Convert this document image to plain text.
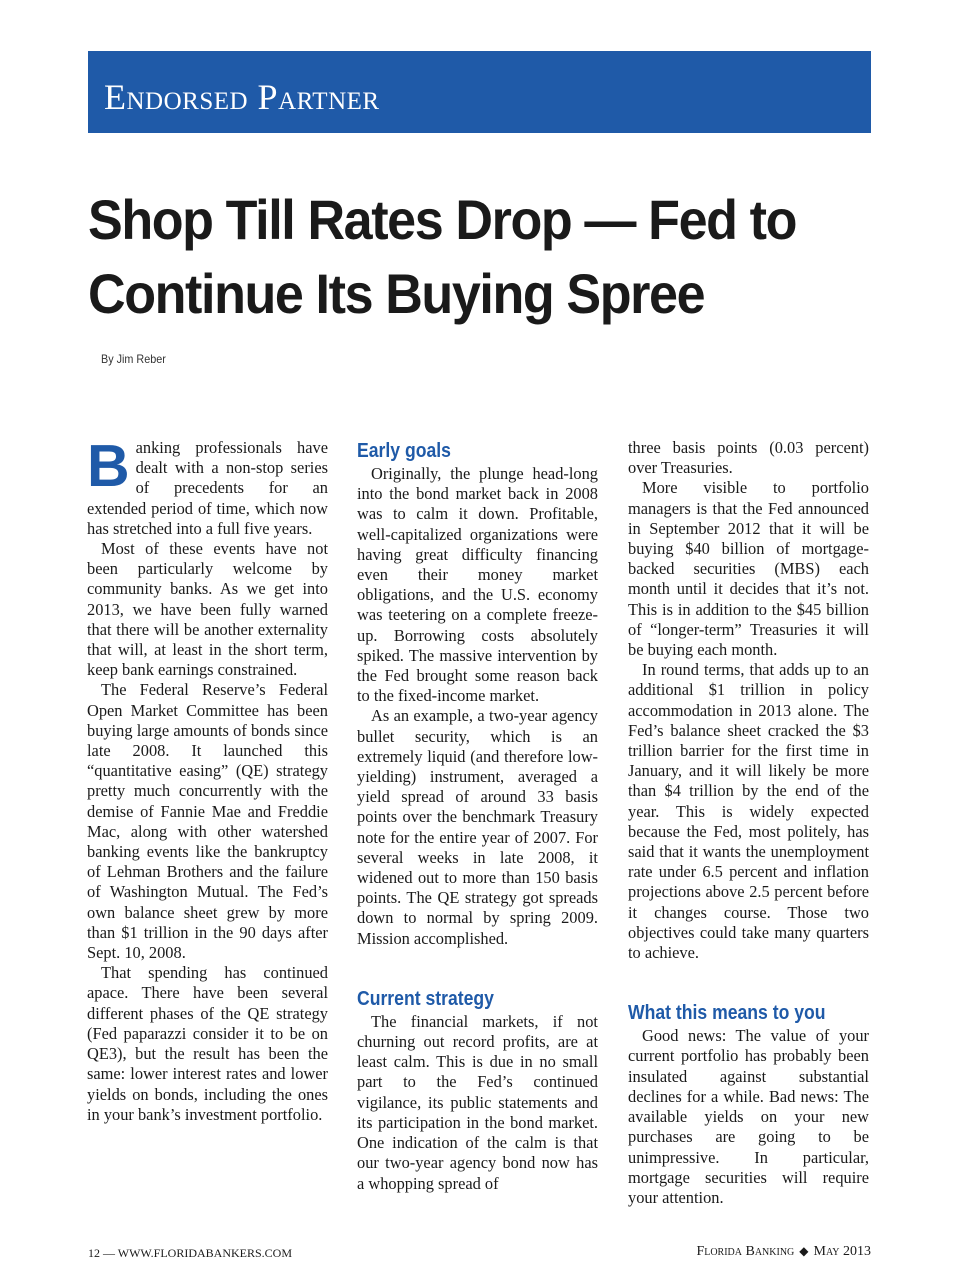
Endorsed Partner
Shop Till Rates Drop — Fed to Continue Its Buying Spree
By Jim Reber

Banking professionals have dealt with a non-stop series of precedents for an extended period of time, which now has stretched into a full five years.

Most of these events have not been particularly welcome by community banks. As we get into 2013, we have been fully warned that there will be another externality that will, at least in the short term, keep bank earnings constrained.

The Federal Reserve’s Federal Open Market Committee has been buying large amounts of bonds since late 2008. It launched this “quantitative easing” (QE) strategy pretty much concurrently with the demise of Fannie Mae and Freddie Mac, along with other watershed banking events like the bankruptcy of Lehman Brothers and the failure of Washington Mutual. The Fed’s own balance sheet grew by more than $1 trillion in the 90 days after Sept. 10, 2008.

That spending has continued apace. There have been several different phases of the QE strategy (Fed paparazzi consider it to be on QE3), but the result has been the same: lower interest rates and lower yields on bonds, including the ones in your bank’s investment portfolio.

Early goals

Originally, the plunge head-long into the bond market back in 2008 was to calm it down. Profitable, well-capitalized organizations were having great difficulty financing even their money market obligations, and the U.S. economy was teetering on a complete freeze-up. Borrowing costs absolutely spiked. The massive intervention by the Fed brought some reason back to the fixed-income market.

As an example, a two-year agency bullet security, which is an extremely liquid (and therefore low-yielding) instrument, averaged a yield spread of around 33 basis points over the benchmark Treasury note for the entire year of 2007. For several weeks in late 2008, it widened out to more than 150 basis points. The QE strategy got spreads down to normal by spring 2009. Mission accomplished.

Current strategy

The financial markets, if not churning out record profits, are at least calm. This is due in no small part to the Fed’s continued vigilance, its public statements and its participation in the bond market. One indication of the calm is that our two-year agency bond now has a whopping spread of

three basis points (0.03 percent) over Treasuries.

More visible to portfolio managers is that the Fed announced in September 2012 that it will be buying $40 billion of mortgage-backed securities (MBS) each month until it decides that it’s not. This is in addition to the $45 billion of “longer-term” Treasuries it will be buying each month.

In round terms, that adds up to an additional $1 trillion in policy accommodation in 2013 alone. The Fed’s balance sheet cracked the $3 trillion barrier for the first time in January, and it will likely be more than $4 trillion by the end of the year. This is widely expected because the Fed, most politely, has said that it wants the unemployment rate under 6.5 percent and inflation projections above 2.5 percent before it changes course. Those two objectives could take many quarters to achieve.

What this means to you

Good news: The value of your current portfolio has probably been insulated against substantial declines for a while. Bad news: The available yields on your new purchases are going to be unimpressive. In particular, mortgage securities will require your attention.

12 — WWW.FLORIDABANKERS.COM	Florida Banking ◆ May 2013
